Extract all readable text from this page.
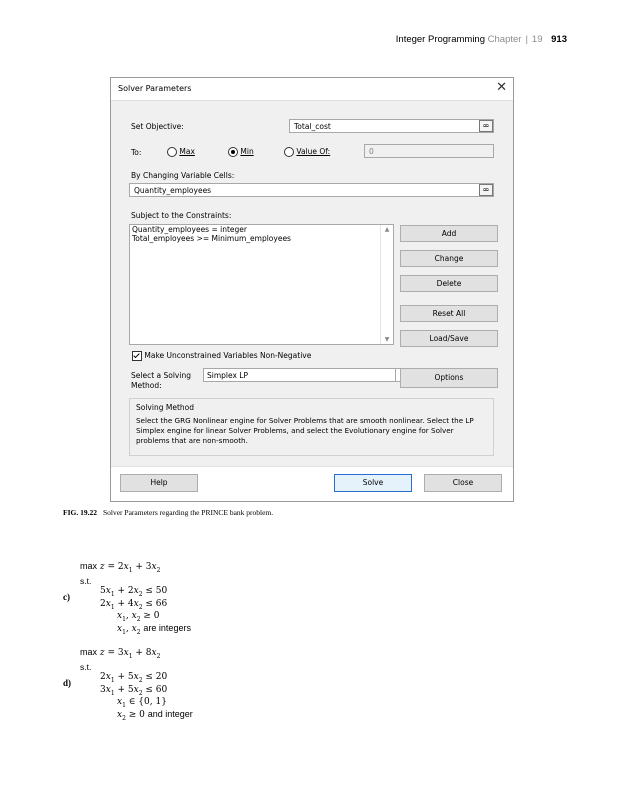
Integer Programming Chapter | 19 913
Solver Parameters	✕
Set Objective:	Total_cost	⮹
To:	Max	Min	Value Of:	0
By Changing Variable Cells:
Quantity_employees	⮹
Subject to the Constraints:
Quantity_employees = integer
Total_employees >= Minimum_employees
▲
▼
Add
Change
Delete
Reset All
Load/Save
Make Unconstrained Variables Non-Negative
Select a Solving
Method:
Simplex LP	Options
Solving Method
Select the GRG Nonlinear engine for Solver Problems that are smooth nonlinear. Select the LP
Simplex engine for linear Solver Problems, and select the Evolutionary engine for Solver
problems that are non-smooth.
Help	Solve	Close
FIG. 19.22 Solver Parameters regarding the PRINCE bank problem.
$\max z = 2x_1 + 3x_2$
s.t.
c)
$5x_1 + 2x_2 \le 50$
$2x_1 + 4x_2 \le 66$
$x_1$, $x_2 \ge 0$
$x_1$, $x_2$ are integers
$\max z = 3x_1 + 8x_2$
s.t.
d)
$2x_1 + 5x_2 \le 20$
$3x_1 + 5x_2 \le 60$
$x_1$ ∈ {0, 1}
$x_2 \ge 0$ and integer
